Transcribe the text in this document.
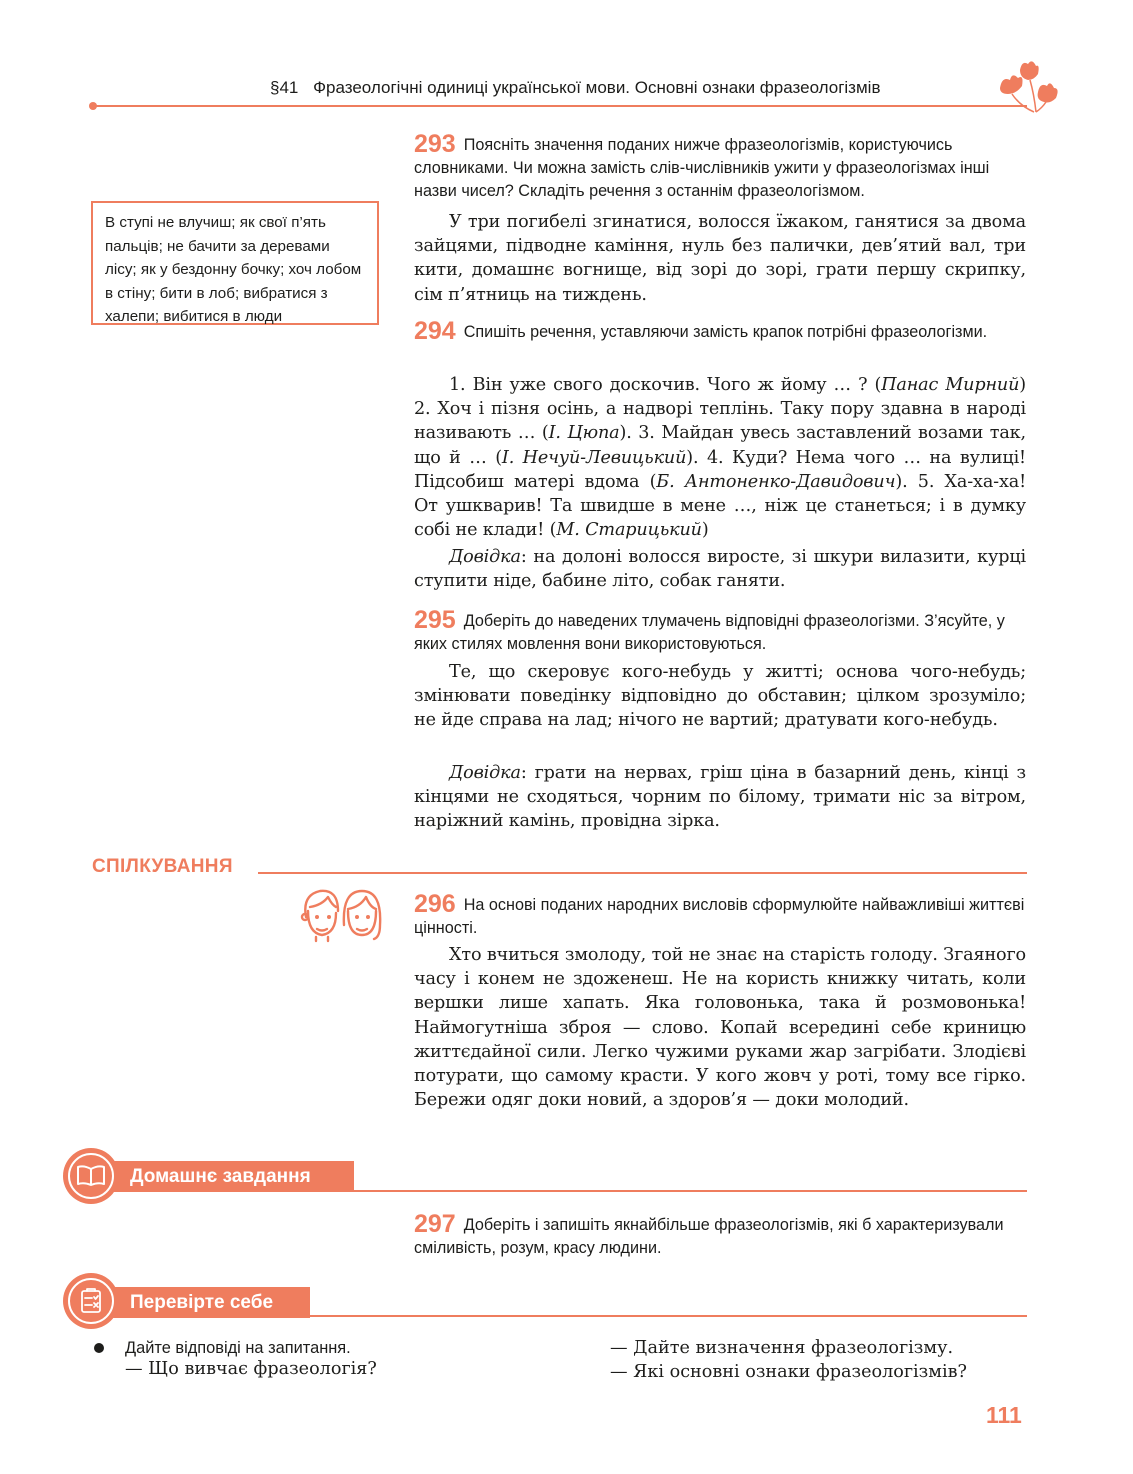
§41 Фразеологічні одиниці української мови. Основні ознаки фразеологізмів
В ступі не влучиш; як свої п’ять пальців; не бачити за деревами лісу; як у бездонну бочку; хоч лобом в стіну; бити в лоб; вибратися з халепи; вибитися в люди
293 Поясніть значення поданих нижче фразеологізмів, користуючись словниками. Чи можна замість слів-числівників ужити у фразеологізмах інші назви чисел? Складіть речення з останнім фразеологізмом.
У три погибелі згинатися, волосся їжаком, ганятися за двома зайцями, підводне каміння, нуль без палички, дев’ятий вал, три кити, домашнє вогнище, від зорі до зорі, грати першу скрипку, сім п’ятниць на тиждень.
294 Спишіть речення, уставляючи замість крапок потрібні фразеологізми.
1. Він уже свого доскочив. Чого ж йому … ? (Панас Мирний) 2. Хоч і пізня осінь, а надворі теплінь. Таку пору здавна в народі називають … (І. Цюпа). 3. Майдан увесь заставлений возами так, що й … (І. Нечуй-Левицький). 4. Куди? Нема чого … на вулиці! Підсобиш матері вдома (Б. Антоненко-Давидович). 5. Ха-ха-ха! От ушкварив! Та швидше в мене …, ніж це станеться; і в думку собі не клади! (М. Старицький)
Довідка: на долоні волосся виросте, зі шкури вилазити, курці ступити ніде, бабине літо, собак ганяти.
295 Доберіть до наведених тлумачень відповідні фразеологізми. З’ясуйте, у яких стилях мовлення вони використовуються.
Те, що скеровує кого-небудь у житті; основа чого-небудь; змінювати поведінку відповідно до обставин; цілком зрозуміло; не йде справа на лад; нічого не вартий; дратувати кого-небудь.
Довідка: грати на нервах, гріш ціна в базарний день, кінці з кінцями не сходяться, чорним по білому, тримати ніс за вітром, наріжний камінь, провідна зірка.
СПІЛКУВАННЯ
296 На основі поданих народних висловів сформулюйте найважливіші життєві цінності.
Хто вчиться змолоду, той не знає на старість голоду. Згаяного часу і конем не здоженеш. Не на користь книжку читать, коли вершки лише хапать. Яка головонька, така й розмовонька! Наймогутніша зброя — слово. Копай всередині себе криницю життєдайної сили. Легко чужими руками жар загрібати. Злодієві потурати, що самому красти. У кого жовч у роті, тому все гірко. Бережи одяг доки новий, а здоров’я — доки молодий.
Домашнє завдання
297 Доберіть і запишіть якнайбільше фразеологізмів, які б характеризували сміливість, розум, красу людини.
Перевірте себе
Дайте відповіді на запитання.
— Що вивчає фразеологія?
— Дайте визначення фразеологізму.
— Які основні ознаки фразеологізмів?
111
